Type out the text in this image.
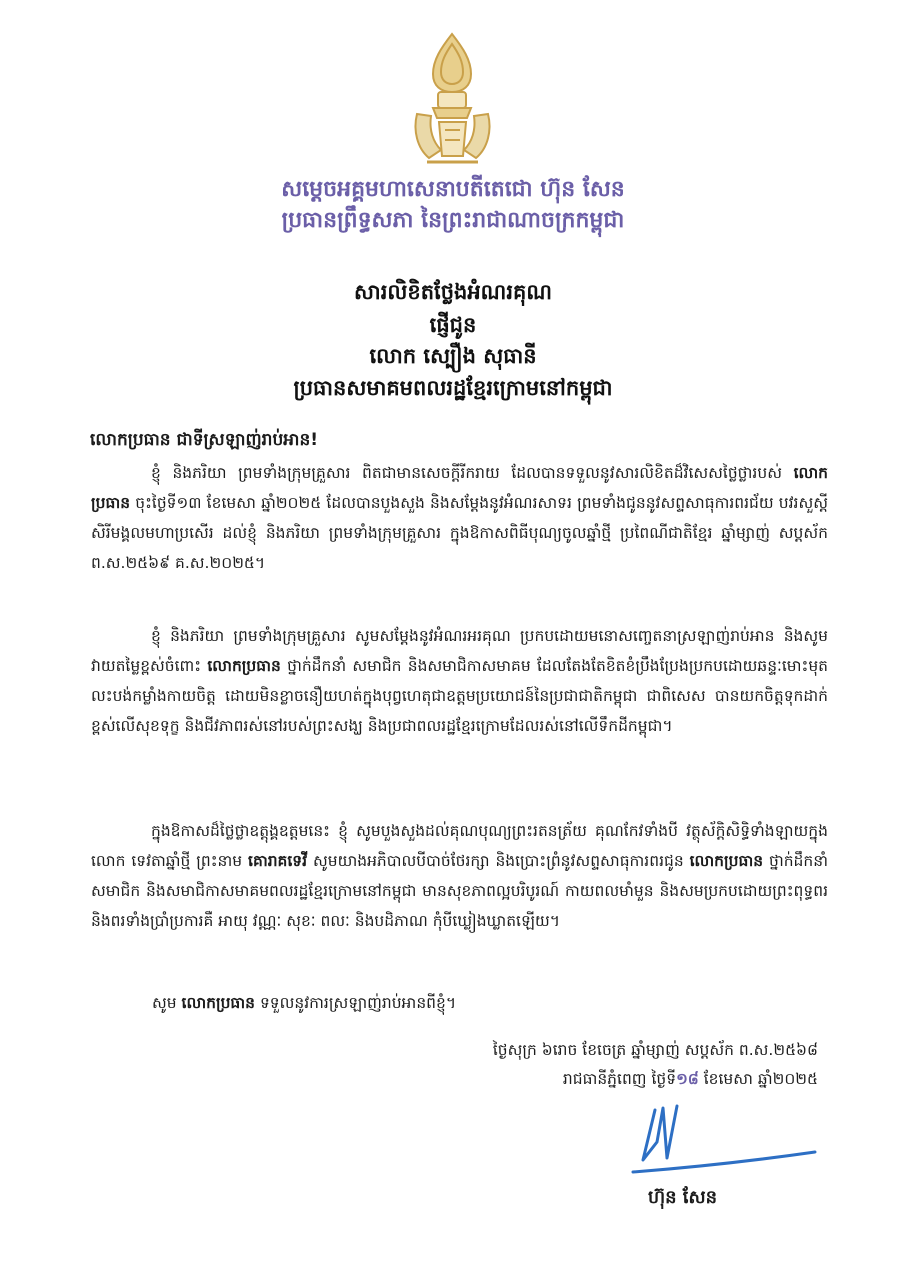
សម្តេចអគ្គមហាសេនាបតីតេជោ ហ៊ុន សែន
ប្រធានព្រឹទ្ធសភា នៃព្រះរាជាណាចក្រកម្ពុជា
សារលិខិតថ្លែងអំណរគុណ
ផ្ញើជូន
លោក ស្បឿង សុធានី
ប្រធានសមាគមពលរដ្ឋខ្មែរក្រោមនៅកម្ពុជា
លោកប្រធាន ជាទីស្រឡាញ់រាប់អាន!
ខ្ញុំ និងភរិយា ព្រមទាំងក្រុមគ្រួសារ ពិតជាមានសេចក្តីរីករាយ ដែលបានទទួលនូវសារលិខិតដ៏វិសេសថ្លៃថ្លារបស់ លោកប្រធាន ចុះថ្ងៃទី១៣ ខែមេសា ឆ្នាំ២០២៥ ដែលបានបួងសួង និងសម្តែងនូវអំណរសាទរ ព្រមទាំងជូននូវសព្ទសាធុការពរជ័យ បវរសួស្តី សិរីមង្គលមហាប្រសើរ ដល់ខ្ញុំ និងភរិយា ព្រមទាំងក្រុមគ្រួសារ ក្នុងឱកាសពិធីបុណ្យចូលឆ្នាំថ្មី ប្រពៃណីជាតិខ្មែរ ឆ្នាំម្សាញ់ សប្តស័ក ព.ស.២៥៦៩ គ.ស.២០២៥។
ខ្ញុំ និងភរិយា ព្រមទាំងក្រុមគ្រួសារ សូមសម្តែងនូវអំណរអរគុណ ប្រកបដោយមនោសញ្ចេតនាស្រឡាញ់រាប់អាន និងសូមវាយតម្លៃខ្ពស់ចំពោះ លោកប្រធាន ថ្នាក់ដឹកនាំ សមាជិក និងសមាជិកាសមាគម ដែលតែងតែខិតខំប្រឹងប្រែងប្រកបដោយឆន្ទៈមោះមុត លះបង់កម្លាំងកាយចិត្ត ដោយមិនខ្លាចនឿយហត់ក្នុងបុព្វហេតុជាឧត្តមប្រយោជន៍នៃប្រជាជាតិកម្ពុជា ជាពិសេស បានយកចិត្តទុកដាក់ខ្ពស់លើសុខទុក្ខ និងជីវភាពរស់នៅរបស់ព្រះសង្ឃ និងប្រជាពលរដ្ឋខ្មែរក្រោមដែលរស់នៅលើទឹកដីកម្ពុជា។
ក្នុងឱកាសដ៏ថ្លៃថ្លាឧត្តុង្គឧត្តមនេះ ខ្ញុំ សូមបួងសួងដល់គុណបុណ្យព្រះរតនត្រ័យ គុណកែវទាំងបី វត្ថុស័ក្តិសិទ្ធិទាំងឡាយក្នុងលោក ទេវតាឆ្នាំថ្មី ព្រះនាម គោរាគទេវី សូមយាងអភិបាលបីបាច់ថែរក្សា និងប្រោះព្រំនូវសព្ទសាធុការពរជូន លោកប្រធាន ថ្នាក់ដឹកនាំ សមាជិក និងសមាជិកាសមាគមពលរដ្ឋខ្មែរក្រោមនៅកម្ពុជា មានសុខភាពល្អបរិបូរណ៍ កាយពលមាំមួន និងសមប្រកបដោយព្រះពុទ្ធពរ និងពរទាំងប្រាំប្រការគឺ អាយុ វណ្ណៈ សុខៈ ពលៈ និងបដិភាណ កុំបីឃ្លៀងឃ្លាតឡើយ។
សូម លោកប្រធាន ទទួលនូវការស្រឡាញ់រាប់អានពីខ្ញុំ។
ថ្ងៃសុក្រ ៦រោច ខែចេត្រ ឆ្នាំម្សាញ់ សប្តស័ក ព.ស.២៥៦៨
រាជធានីភ្នំពេញ ថ្ងៃទី១៨ ខែមេសា ឆ្នាំ២០២៥
ហ៊ុន សែន
